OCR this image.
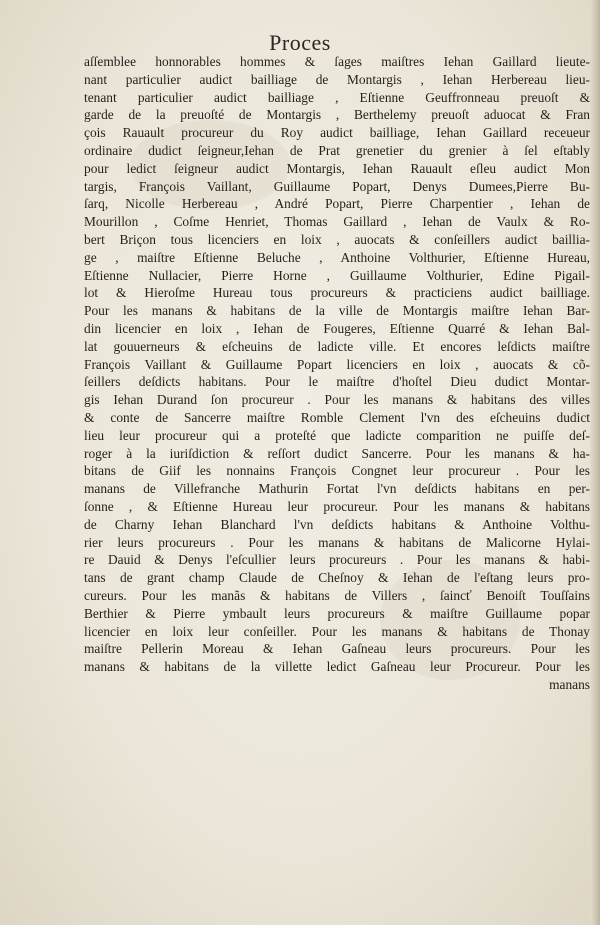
Proces
aſſemblee honnorables hommes & ſages maiſtres Iehan Gaillard lieute-
nant particulier audict bailliage de Montargis , Iehan Herbereau lieu-
tenant particulier audict bailliage , Eſtienne Geuffronneau preuoſt &
garde de la preuoſté de Montargis , Berthelemy preuoſt aduocat & Fran
çois Rauault procureur du Roy audict bailliage, Iehan Gaillard receueur
ordinaire dudict ſeigneur,Iehan de Prat grenetier du grenier à ſel eſtably
pour ledict ſeigneur audict Montargis, Iehan Rauault eſleu audict Mon
targis, François Vaillant, Guillaume Popart, Denys Dumees,Pierre Bu-
ſarq, Nicolle Herbereau , André Popart, Pierre Charpentier , Iehan de
Mourillon , Coſme Henriet, Thomas Gaillard , Iehan de Vaulx & Ro-
bert Briçon tous licenciers en loix , auocats & conſeillers audict baillia-
ge , maiſtre Eſtienne Beluche , Anthoine Volthurier, Eſtienne Hureau,
Eſtienne Nullacier, Pierre Horne , Guillaume Volthurier, Edine Pigail-
lot & Hieroſme Hureau tous procureurs & practiciens audict bailliage.
Pour les manans & habitans de la ville de Montargis maiſtre Iehan Bar-
din licencier en loix , Iehan de Fougeres, Eſtienne Quarré & Iehan Bal-
lat gouuerneurs & eſcheuins de ladicte ville. Et encores leſdicts maiſtre
François Vaillant & Guillaume Popart licenciers en loix , auocats & cõ-
ſeillers deſdicts habitans. Pour le maiſtre d'hoſtel Dieu dudict Montar-
gis Iehan Durand ſon procureur . Pour les manans & habitans des villes
& conte de Sancerre maiſtre Romble Clement l'vn des eſcheuins dudict
lieu leur procureur qui a proteſté que ladicte comparition ne puiſſe deſ-
roger à la iuriſdiction & reſſort dudict Sancerre. Pour les manans & ha-
bitans de Giif les nonnains François Congnet leur procureur . Pour les
manans de Villefranche Mathurin Fortat l'vn deſdicts habitans en per-
ſonne , & Eſtienne Hureau leur procureur. Pour les manans & habitans
de Charny Iehan Blanchard l'vn deſdicts habitans & Anthoine Volthu-
rier leurs procureurs . Pour les manans & habitans de Malicorne Hylai-
re Dauid & Denys l'eſcullier leurs procureurs . Pour les manans & habi-
tans de grant champ Claude de Cheſnoy & Iehan de l'eſtang leurs pro-
cureurs. Pour les manãs & habitans de Villers , ſaincť Benoiſt Touſſains
Berthier & Pierre ymbault leurs procureurs & maiſtre Guillaume popar
licencier en loix leur conſeiller. Pour les manans & habitans de Thonay
maiſtre Pellerin Moreau & Iehan Gaſneau leurs procureurs. Pour les
manans & habitans de la villette ledict Gaſneau leur Procureur. Pour les
manans
